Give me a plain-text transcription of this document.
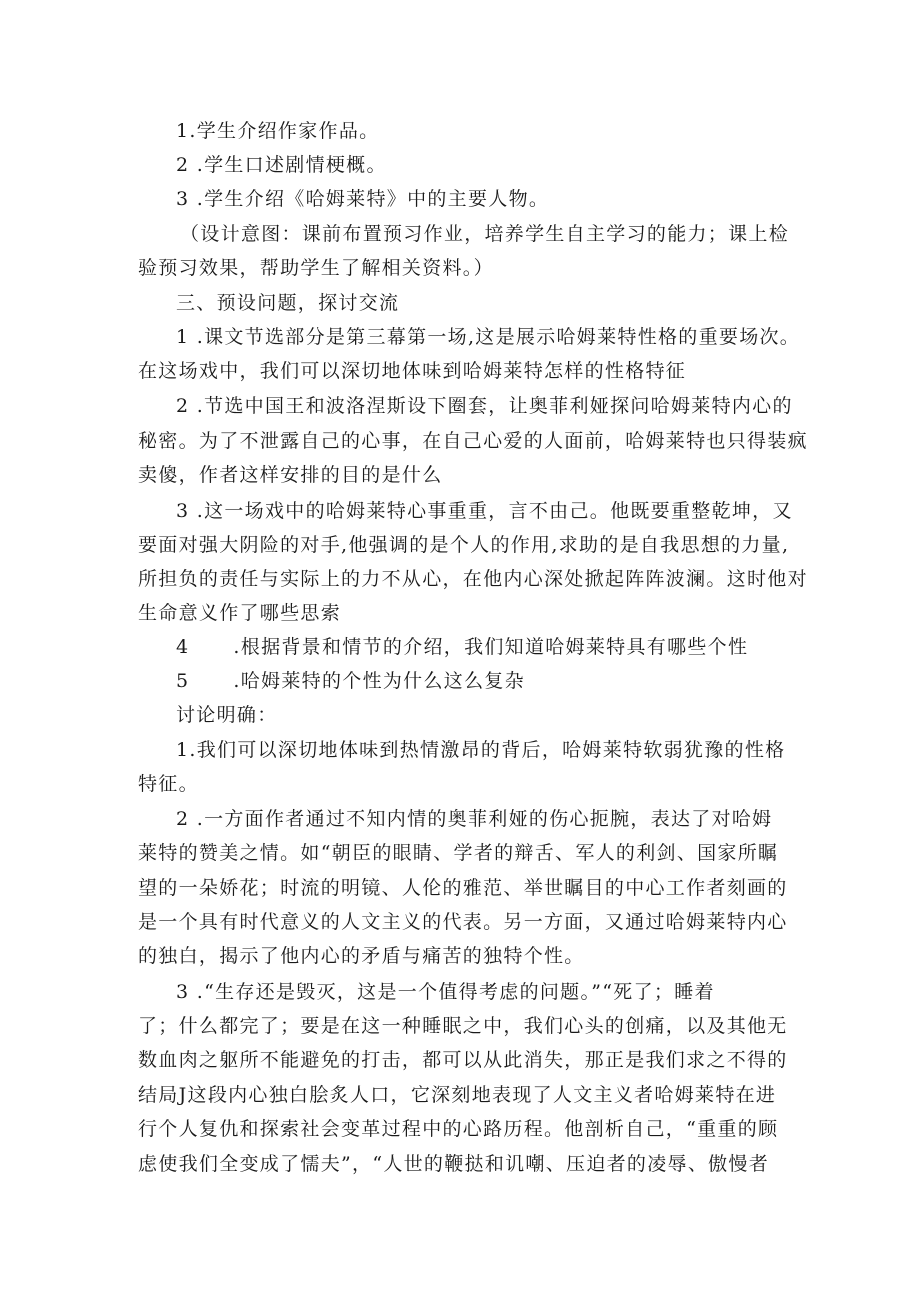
1.学生介绍作家作品。

2 .学生口述剧情梗概。

3 .学生介绍《哈姆莱特》中的主要人物。

（设计意图：课前布置预习作业，培养学生自主学习的能力；课上检

验预习效果，帮助学生了解相关资料。）

三、预设问题，探讨交流

1 .课文节选部分是第三幕第一场,这是展示哈姆莱特性格的重要场次。

在这场戏中，我们可以深切地体味到哈姆莱特怎样的性格特征

2 .节选中国王和波洛涅斯设下圈套，让奥菲利娅探问哈姆莱特内心的

秘密。为了不泄露自己的心事，在自己心爱的人面前，哈姆莱特也只得装疯

卖傻，作者这样安排的目的是什么

3 .这一场戏中的哈姆莱特心事重重，言不由己。他既要重整乾坤，又

要面对强大阴险的对手,他强调的是个人的作用,求助的是自我思想的力量,

所担负的责任与实际上的力不从心，在他内心深处掀起阵阵波澜。这时他对

生命意义作了哪些思索

4      .根据背景和情节的介绍，我们知道哈姆莱特具有哪些个性

5      .哈姆莱特的个性为什么这么复杂

讨论明确：

1.我们可以深切地体味到热情激昂的背后，哈姆莱特软弱犹豫的性格

特征。

2 .一方面作者通过不知内情的奥菲利娅的伤心扼腕，表达了对哈姆

莱特的赞美之情。如“朝臣的眼睛、学者的辩舌、军人的利剑、国家所瞩

望的一朵娇花；时流的明镜、人伦的雅范、举世瞩目的中心工作者刻画的

是一个具有时代意义的人文主义的代表。另一方面，又通过哈姆莱特内心

的独白，揭示了他内心的矛盾与痛苦的独特个性。

3 .“生存还是毁灭，这是一个值得考虑的问题。”“死了；睡着

了；什么都完了；要是在这一种睡眠之中，我们心头的创痛，以及其他无

数血肉之躯所不能避免的打击，都可以从此消失，那正是我们求之不得的

结局J这段内心独白脍炙人口，它深刻地表现了人文主义者哈姆莱特在进

行个人复仇和探索社会变革过程中的心路历程。他剖析自己，“重重的顾

虑使我们全变成了懦夫”，“人世的鞭挞和讥嘲、压迫者的凌辱、傲慢者
